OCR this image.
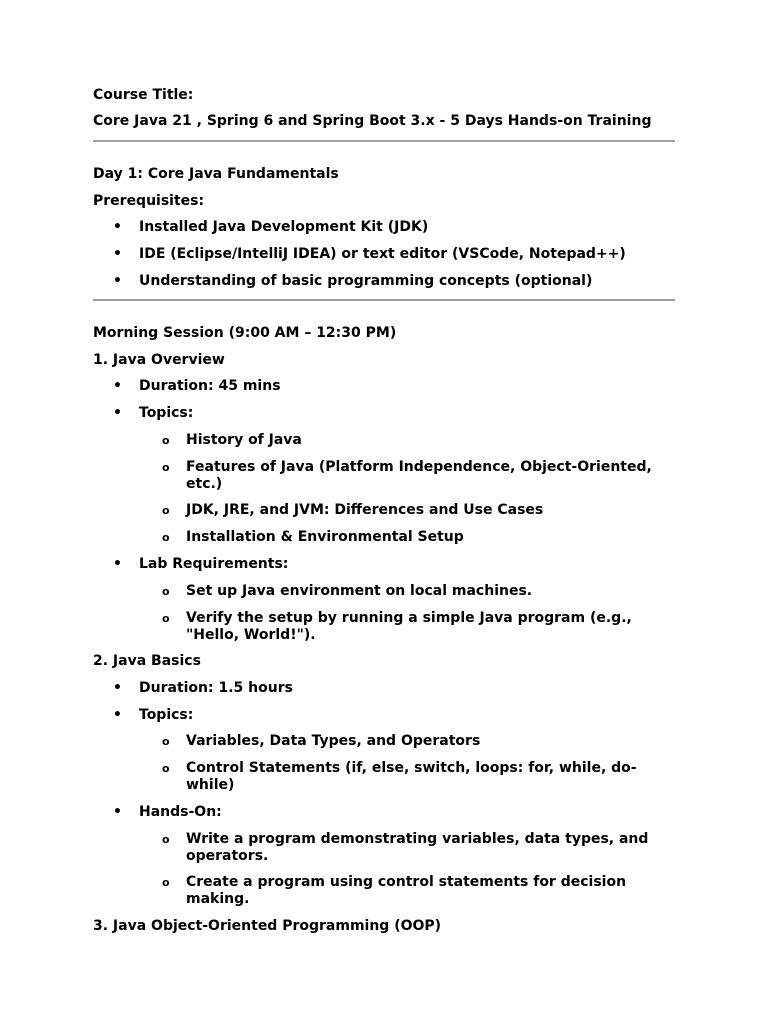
Course Title:
Core Java 21 , Spring 6 and Spring Boot 3.x - 5 Days Hands-on Training
Day 1: Core Java Fundamentals
Prerequisites:
• Installed Java Development Kit (JDK)
• IDE (Eclipse/IntelliJ IDEA) or text editor (VSCode, Notepad++)
• Understanding of basic programming concepts (optional)
Morning Session (9:00 AM – 12:30 PM)
1. Java Overview
• Duration: 45 mins
• Topics:
o History of Java
o Features of Java (Platform Independence, Object-Oriented, etc.)
o JDK, JRE, and JVM: Differences and Use Cases
o Installation & Environmental Setup
• Lab Requirements:
o Set up Java environment on local machines.
o Verify the setup by running a simple Java program (e.g., "Hello, World!").
2. Java Basics
• Duration: 1.5 hours
• Topics:
o Variables, Data Types, and Operators
o Control Statements (if, else, switch, loops: for, while, do-while)
• Hands-On:
o Write a program demonstrating variables, data types, and operators.
o Create a program using control statements for decision making.
3. Java Object-Oriented Programming (OOP)
